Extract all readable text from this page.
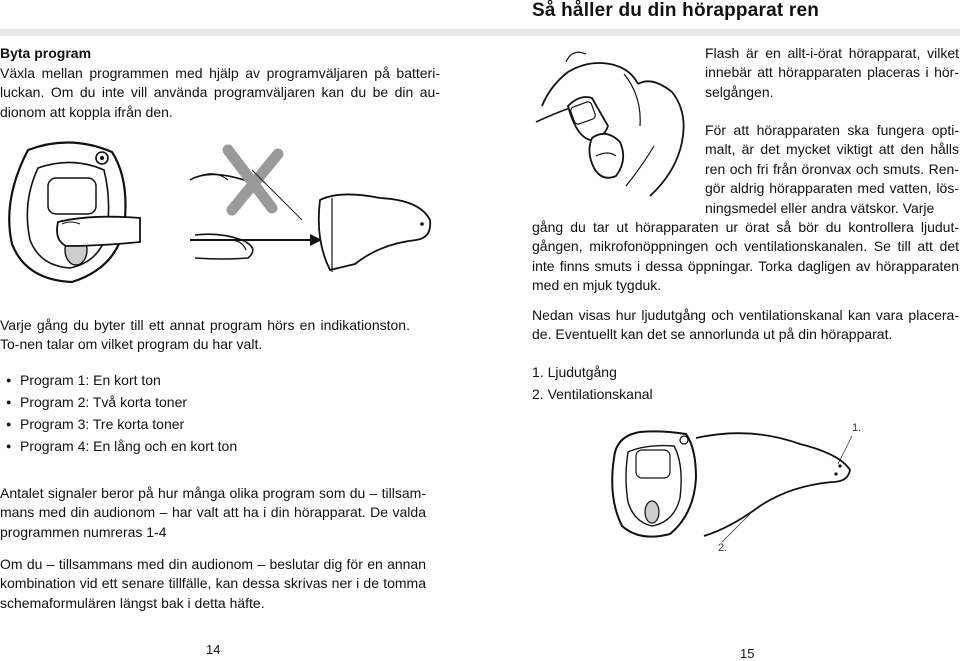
Så håller du din hörapparat ren

Byta program

Växla mellan programmen med hjälp av programväljaren på batteri-luckan. Om du inte vill använda programväljaren kan du be din au-dionom att koppla ifrån den.

Varje gång du byter till ett annat program hörs en indikationston. To-nen talar om vilket program du har valt.

● Program 1: En kort ton
● Program 2: Två korta toner
● Program 3: Tre korta toner
● Program 4: En lång och en kort ton

Antalet signaler beror på hur många olika program som du – tillsam-mans med din audionom – har valt att ha i din hörapparat. De valda programmen numreras 1-4

Om du – tillsammans med din audionom – beslutar dig för en annan kombination vid ett senare tillfälle, kan dessa skrivas ner i de tomma schemaformulären längst bak i detta häfte.

14

Flash är en allt-i-örat hörapparat, vilket innebär att hörapparaten placeras i hör-selgången.

För att hörapparaten ska fungera opti-malt, är det mycket viktigt att den hålls ren och fri från öronvax och smuts. Ren-gör aldrig hörapparaten med vatten, lös-ningsmedel eller andra vätskor. Varje

gång du tar ut hörapparaten ur örat så bör du kontrollera ljudut-gången, mikrofonöppningen och ventilationskanalen. Se till att det inte finns smuts i dessa öppningar. Torka dagligen av hörapparaten med en mjuk tygduk.

Nedan visas hur ljudutgång och ventilationskanal kan vara placera-de. Eventuellt kan det se annorlunda ut på din hörapparat.

1. Ljudutgång
2. Ventilationskanal
1.
2.
15
